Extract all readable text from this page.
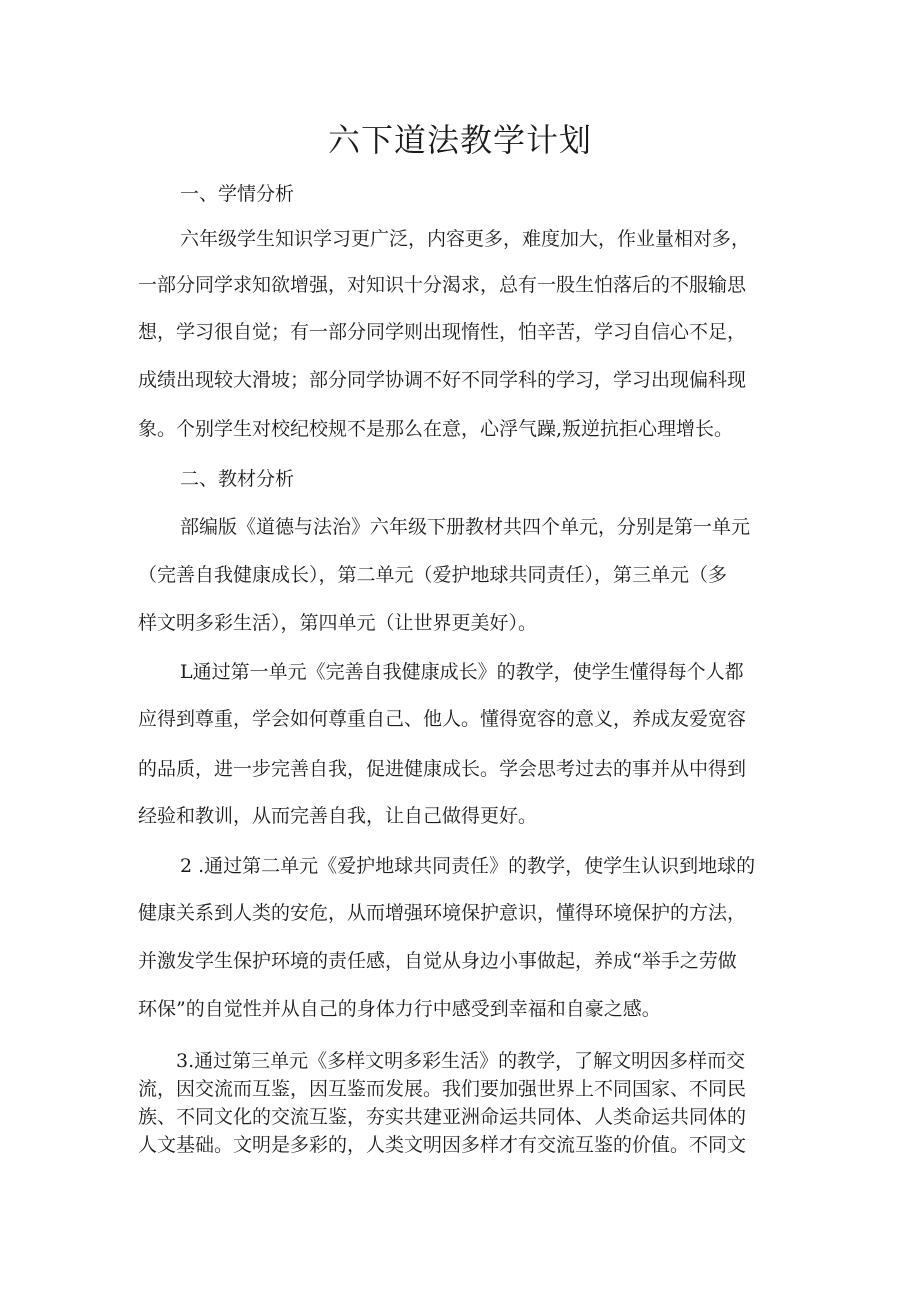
六下道法教学计划

一、学情分析

六年级学生知识学习更广泛，内容更多，难度加大，作业量相对多，

一部分同学求知欲增强，对知识十分渴求，总有一股生怕落后的不服输思

想，学习很自觉；有一部分同学则出现惰性，怕辛苦，学习自信心不足，

成绩出现较大滑坡；部分同学协调不好不同学科的学习，学习出现偏科现

象。个别学生对校纪校规不是那么在意，心浮气躁,叛逆抗拒心理增长。

二、教材分析

部编版《道德与法治》六年级下册教材共四个单元，分别是第一单元

（完善自我健康成长），第二单元（爱护地球共同责任），第三单元（多

样文明多彩生活），第四单元（让世界更美好）。

L通过第一单元《完善自我健康成长》的教学，使学生懂得每个人都

应得到尊重，学会如何尊重自己、他人。懂得宽容的意义，养成友爱宽容

的品质，进一步完善自我，促进健康成长。学会思考过去的事并从中得到

经验和教训，从而完善自我，让自己做得更好。

2 .通过第二单元《爱护地球共同责任》的教学，使学生认识到地球的

健康关系到人类的安危，从而增强环境保护意识，懂得环境保护的方法，

并激发学生保护环境的责任感，自觉从身边小事做起，养成“举手之劳做

环保”的自觉性并从自己的身体力行中感受到幸福和自豪之感。

3.通过第三单元《多样文明多彩生活》的教学，了解文明因多样而交

流，因交流而互鉴，因互鉴而发展。我们要加强世界上不同国家、不同民

族、不同文化的交流互鉴，夯实共建亚洲命运共同体、人类命运共同体的

人文基础。文明是多彩的，人类文明因多样才有交流互鉴的价值。不同文
